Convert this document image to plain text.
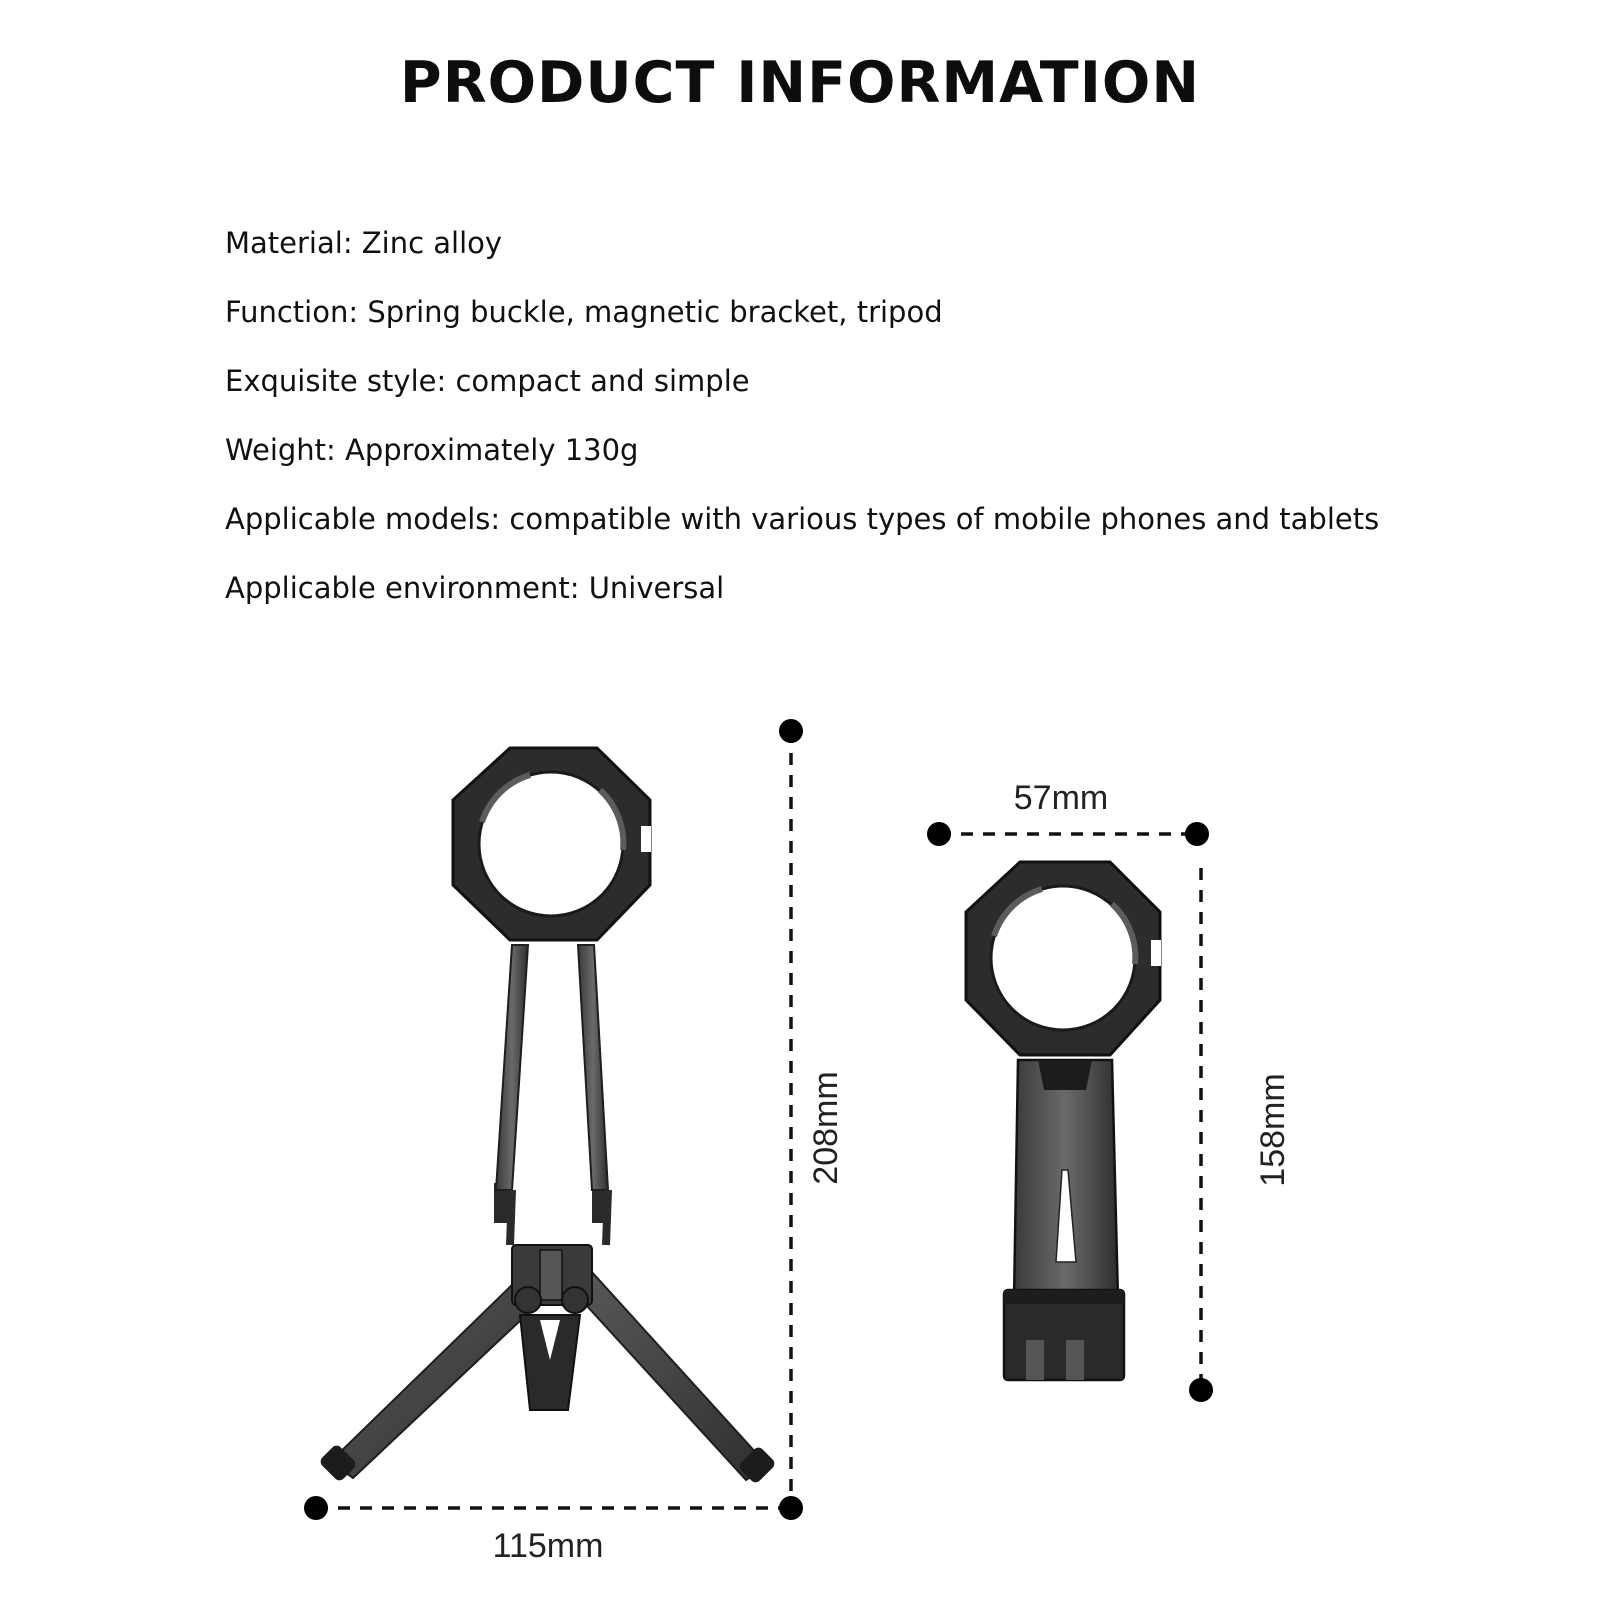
PRODUCT INFORMATION
Material: Zinc alloy
Function: Spring buckle, magnetic bracket, tripod
Exquisite style: compact and simple
Weight: Approximately 130g
Applicable models: compatible with various types of mobile phones and tablets
Applicable environment: Universal
115mm
208mm
57mm
158mm
